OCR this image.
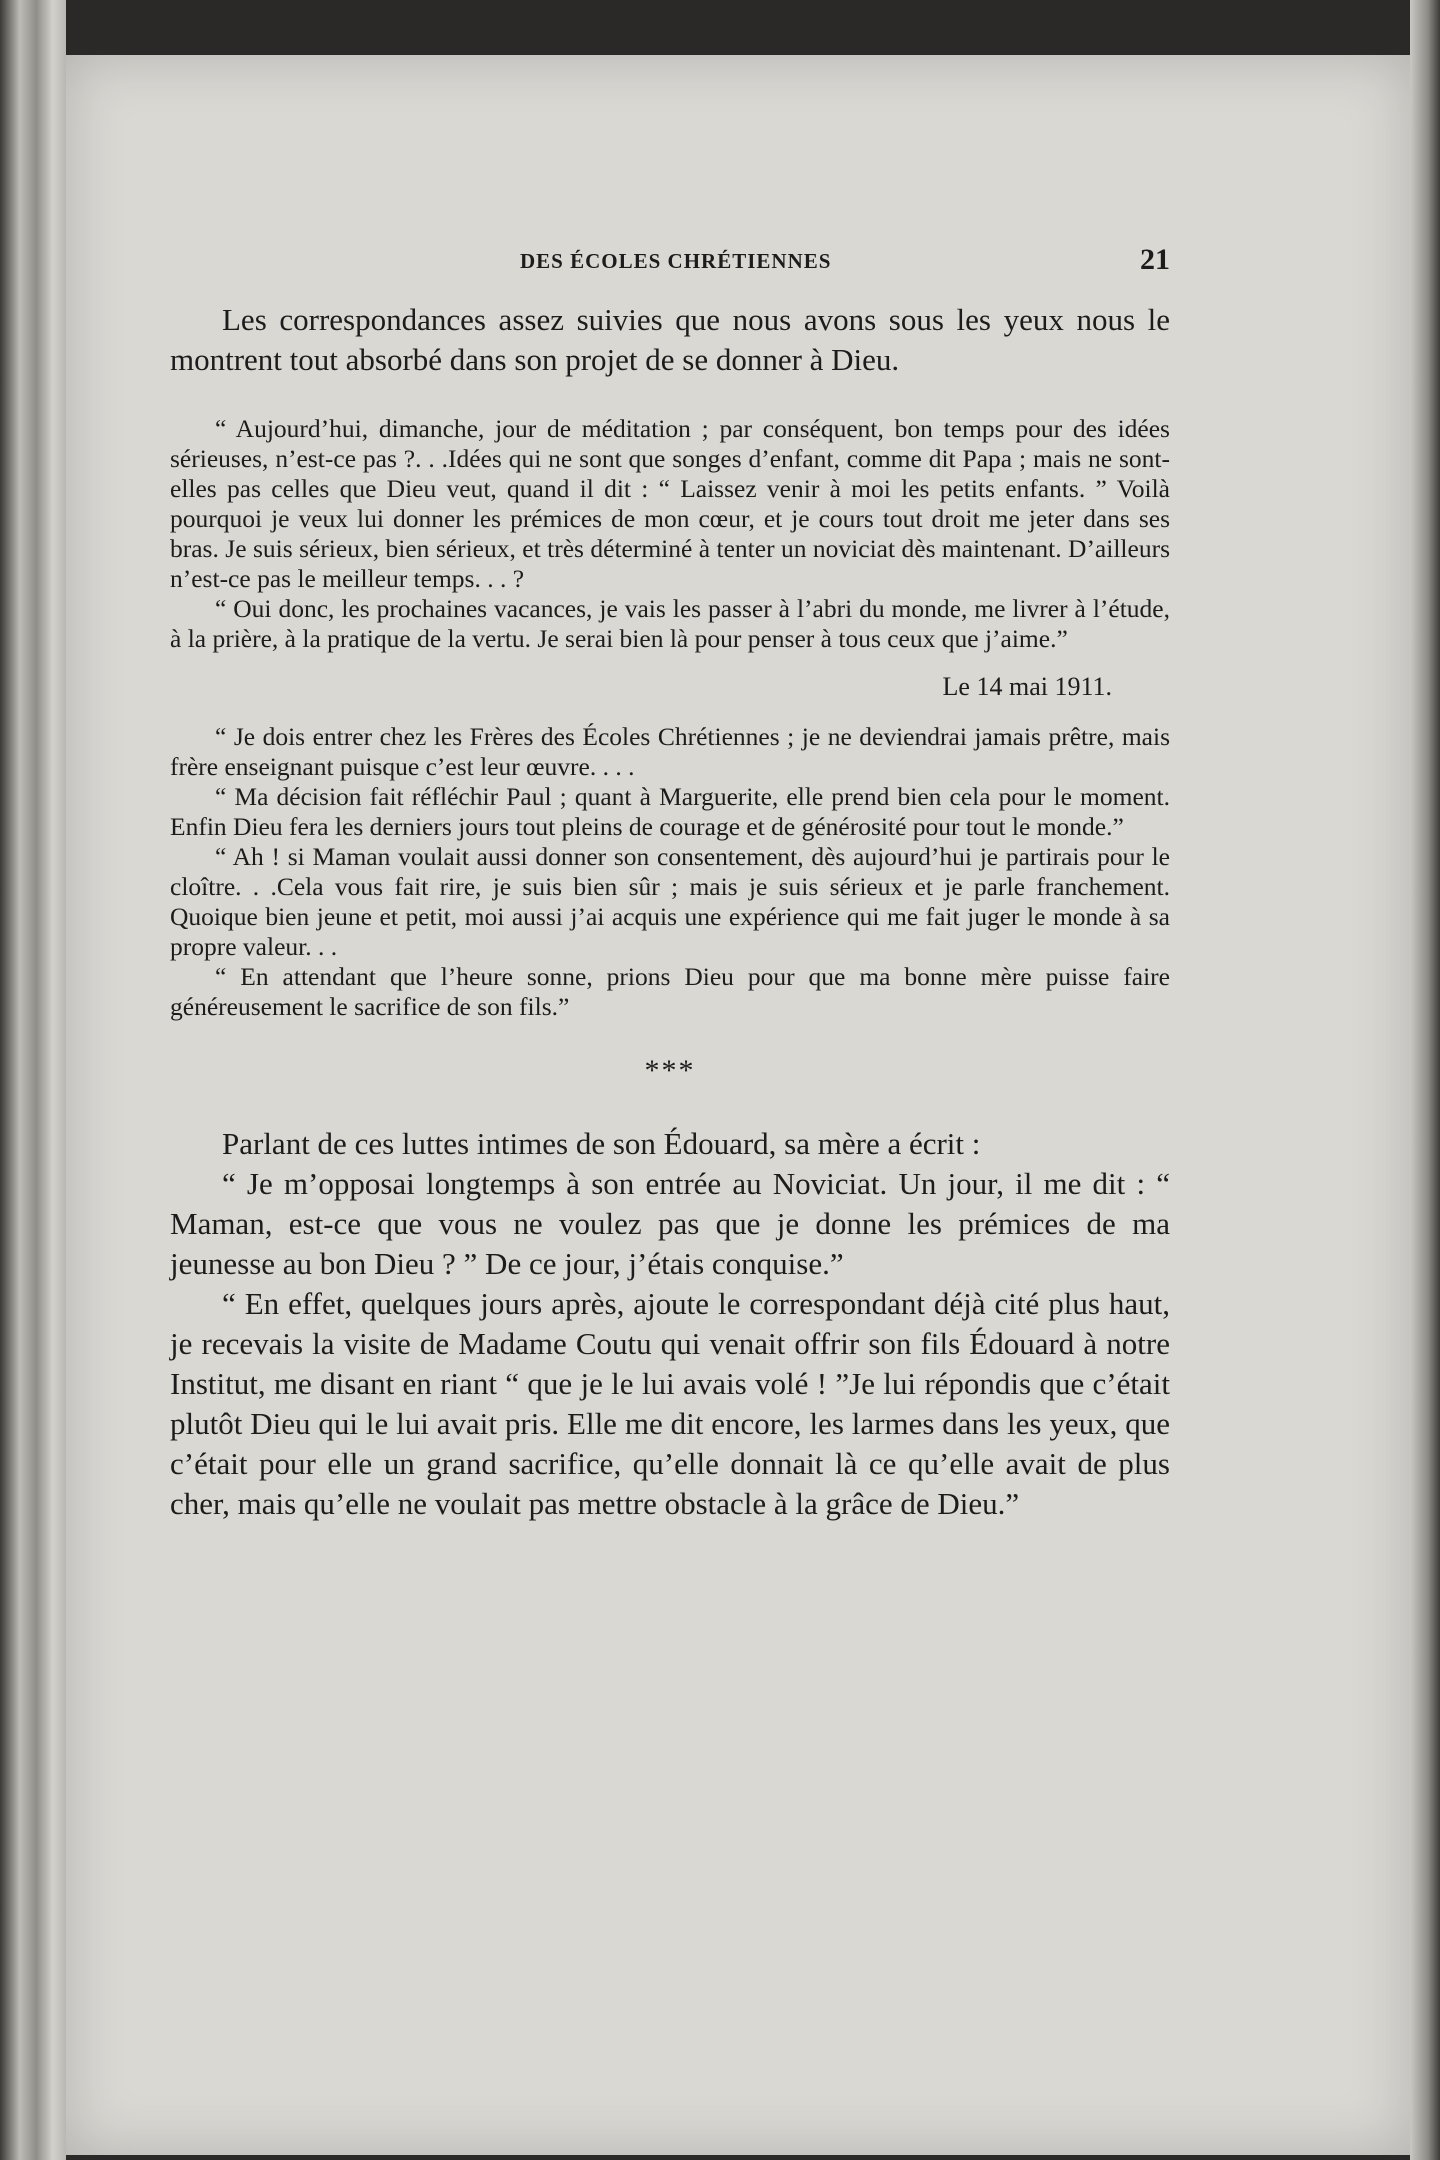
DES ÉCOLES CHRÉTIENNES	21

Les correspondances assez suivies que nous avons sous les yeux nous le montrent tout absorbé dans son projet de se donner à Dieu.

“ Aujourd’hui, dimanche, jour de méditation ; par conséquent, bon temps pour des idées sérieuses, n’est-ce pas ?. . .Idées qui ne sont que songes d’enfant, comme dit Papa ; mais ne sont-elles pas celles que Dieu veut, quand il dit : “ Laissez venir à moi les petits enfants. ” Voilà pourquoi je veux lui donner les prémices de mon cœur, et je cours tout droit me jeter dans ses bras. Je suis sérieux, bien sérieux, et très déterminé à tenter un noviciat dès maintenant. D’ailleurs n’est-ce pas le meilleur temps. . . ?

“ Oui donc, les prochaines vacances, je vais les passer à l’abri du monde, me livrer à l’étude, à la prière, à la pratique de la vertu. Je serai bien là pour penser à tous ceux que j’aime.”

Le 14 mai 1911.

“ Je dois entrer chez les Frères des Écoles Chrétiennes ; je ne deviendrai jamais prêtre, mais frère enseignant puisque c’est leur œuvre. . . .

“ Ma décision fait réfléchir Paul ; quant à Marguerite, elle prend bien cela pour le moment. Enfin Dieu fera les derniers jours tout pleins de courage et de générosité pour tout le monde.”

“ Ah ! si Maman voulait aussi donner son consentement, dès aujourd’hui je partirais pour le cloître. . .Cela vous fait rire, je suis bien sûr ; mais je suis sérieux et je parle franchement. Quoique bien jeune et petit, moi aussi j’ai acquis une expérience qui me fait juger le monde à sa propre valeur. . .

“ En attendant que l’heure sonne, prions Dieu pour que ma bonne mère puisse faire généreusement le sacrifice de son fils.”

***

Parlant de ces luttes intimes de son Édouard, sa mère a écrit :

“ Je m’opposai longtemps à son entrée au Noviciat. Un jour, il me dit : “ Maman, est-ce que vous ne voulez pas que je donne les prémices de ma jeunesse au bon Dieu ? ” De ce jour, j’étais conquise.”

“ En effet, quelques jours après, ajoute le correspondant déjà cité plus haut, je recevais la visite de Madame Coutu qui venait offrir son fils Édouard à notre Institut, me disant en riant “ que je le lui avais volé ! ”Je lui répondis que c’était plutôt Dieu qui le lui avait pris. Elle me dit encore, les larmes dans les yeux, que c’était pour elle un grand sacrifice, qu’elle donnait là ce qu’elle avait de plus cher, mais qu’elle ne voulait pas mettre obstacle à la grâce de Dieu.”
